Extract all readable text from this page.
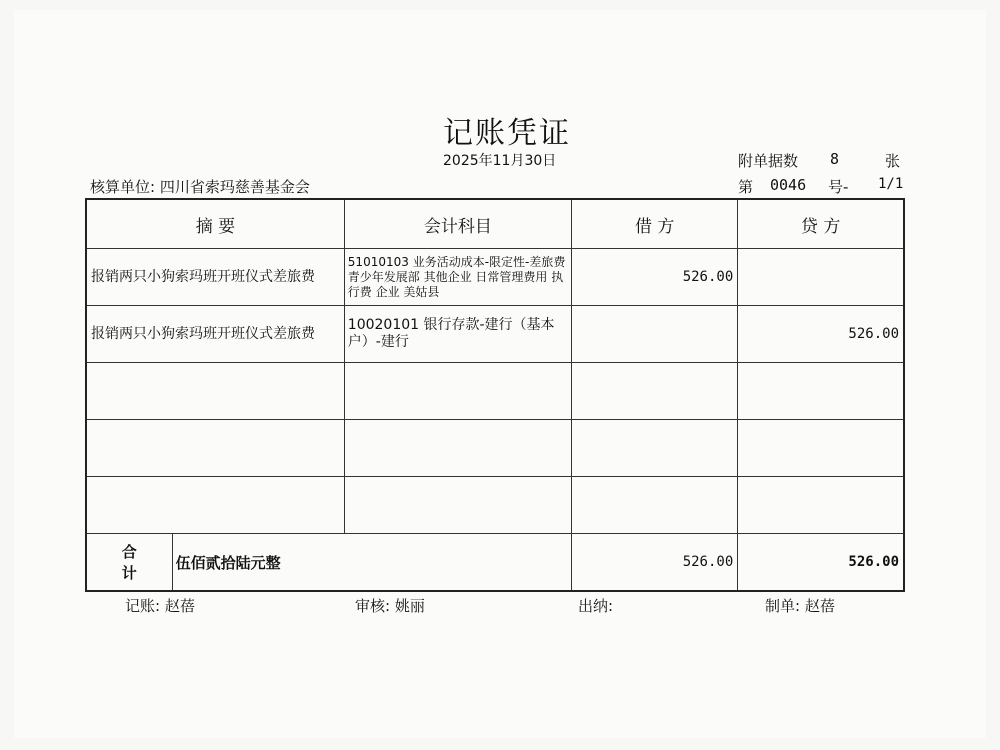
记账凭证
2025年11月30日
核算单位: 四川省索玛慈善基金会
附单据数 8	张
第 0046 号- 1/1
摘 要		会计科目	借 方	贷 方
报销两只小狗索玛班开班仪式差旅费		51010103 业务活动成本-限定性-差旅费 青少年发展部 其他企业 日常管理费用 执行费 企业 美姑县	526.00	
报销两只小狗索玛班开班仪式差旅费		10020101 银行存款-建行（基本户）-建行		526.00

合计	伍佰贰拾陆元整		526.00	526.00
记账: 赵蓓	审核: 姚丽	出纳:	制单: 赵蓓
